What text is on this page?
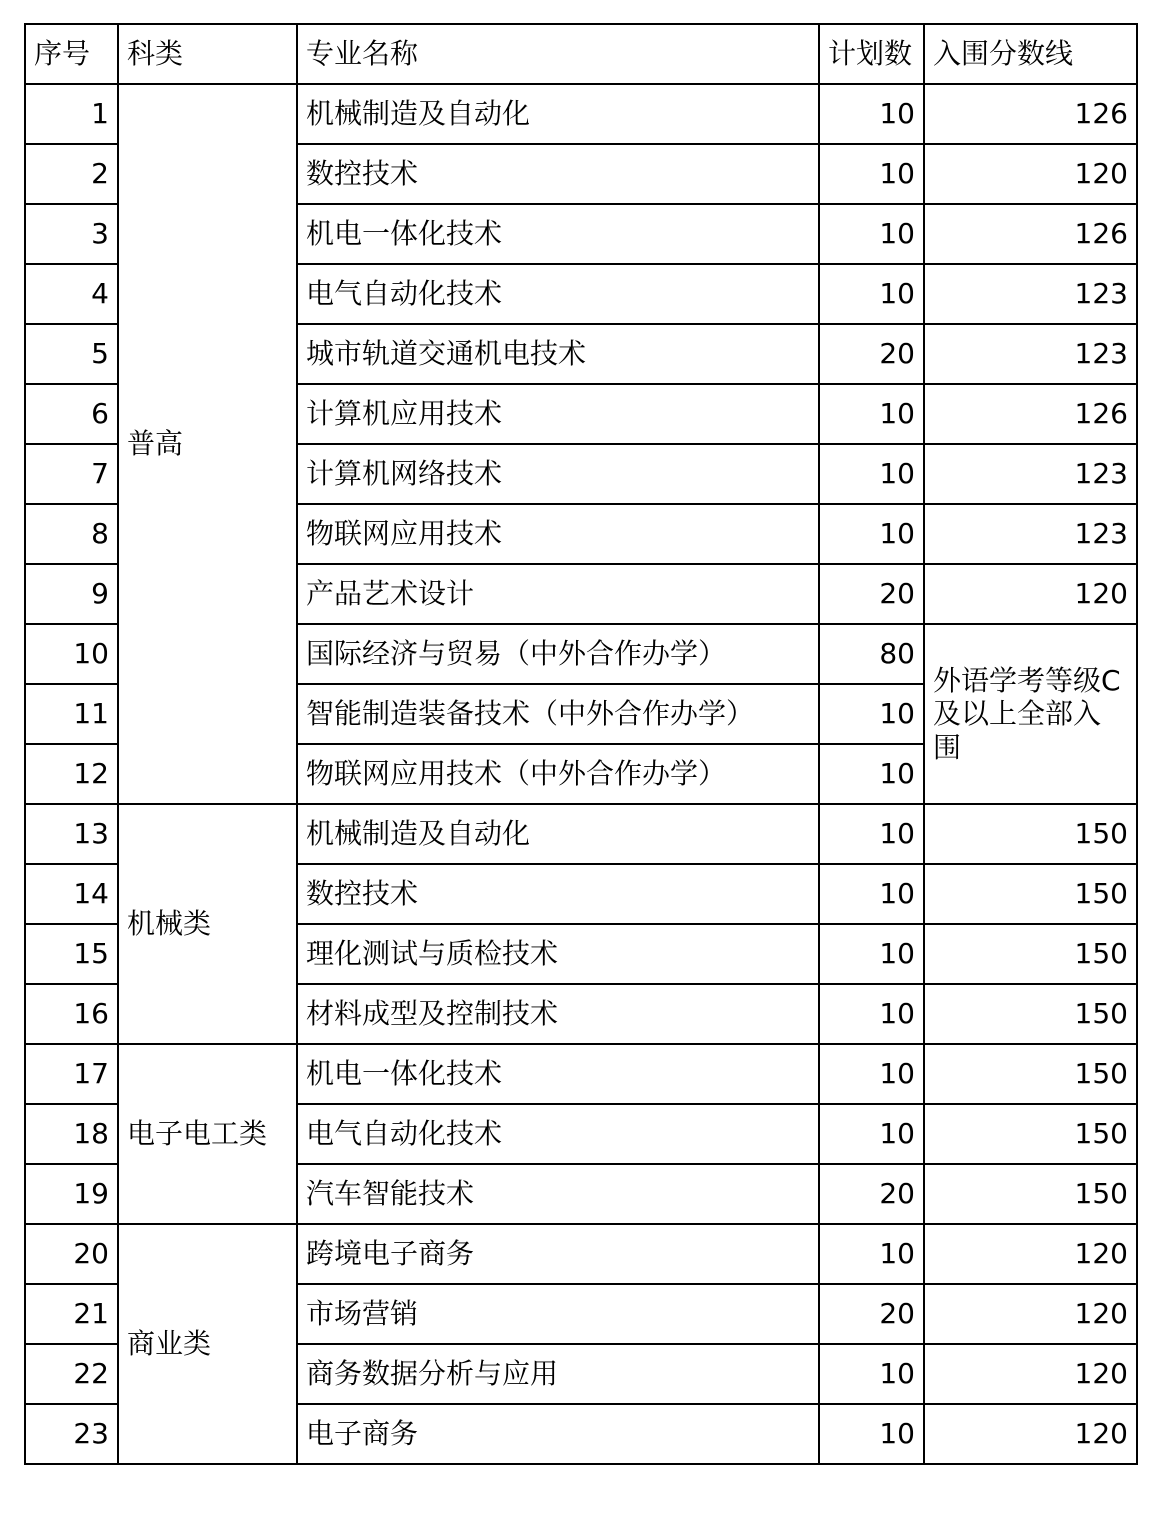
序号	科类	专业名称	计划数	入围分数线
1	普高	机械制造及自动化	10	126
2		数控技术	10	120
3		机电一体化技术	10	126
4		电气自动化技术	10	123
5		城市轨道交通机电技术	20	123
6		计算机应用技术	10	126
7		计算机网络技术	10	123
8		物联网应用技术	10	123
9		产品艺术设计	20	120
10		国际经济与贸易（中外合作办学）	80	外语学考等级C及以上全部入围
11		智能制造装备技术（中外合作办学）	10	
12		物联网应用技术（中外合作办学）	10	
13	机械类	机械制造及自动化	10	150
14		数控技术	10	150
15		理化测试与质检技术	10	150
16		材料成型及控制技术	10	150
17	电子电工类	机电一体化技术	10	150
18		电气自动化技术	10	150
19		汽车智能技术	20	150
20	商业类	跨境电子商务	10	120
21		市场营销	20	120
22		商务数据分析与应用	10	120
23		电子商务	10	120
